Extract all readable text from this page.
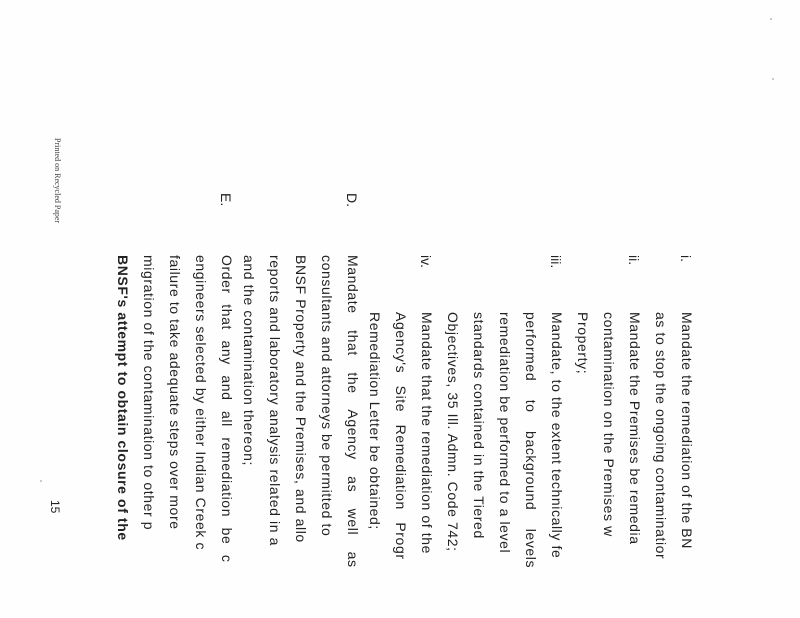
i.
Mandate the remediation of the BN
as to stop the ongoing contaminatior
ii.
Mandate the Premises be remedia
contamination on the Premises w
Property;
iii.
Mandate, to the extent technically fe
performed to background levels
remediation be performed to a level
standards contained in the Tiered
Objectives, 35 Ill. Admn. Code 742;
iv.
Mandate that the remediation of the
Agency's Site Remediation Progr
Remediation Letter be obtained;
D.
Mandate that the Agency as well as
consultants and attorneys be permitted to
BNSF Property and the Premises, and allo
reports and laboratory analysis related in a
and the contamination thereon;
E.
Order that any and all remediation be c
engineers selected by either Indian Creek c
failure to take adequate steps over more
migration of the contamination to other p
BNSF's attempt to obtain closure of the
15
Printed on Recycled Paper
